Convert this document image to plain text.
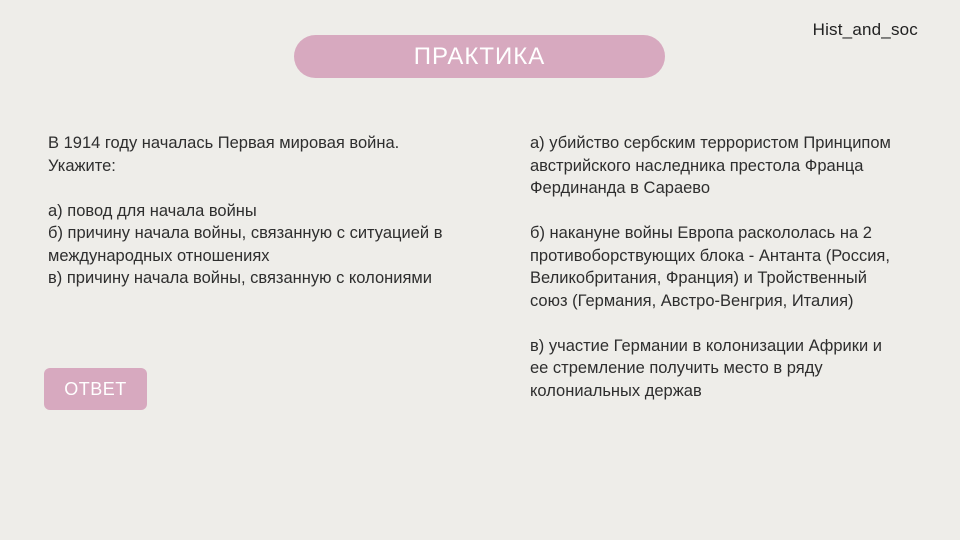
Hist_and_soc
ПРАКТИКА

В 1914 году началась Первая мировая война. Укажите:

а) повод для начала войны

б) причину начала войны, связанную с ситуацией в международных отношениях

в) причину начала войны, связанную с колониями

ОТВЕТ

а) убийство сербским террористом Принципом австрийского наследника престола Франца Фердинанда в Сараево

б) накануне войны Европа раскололась на 2 противоборствующих блока - Антанта (Россия, Великобритания, Франция) и Тройственный союз (Германия, Австро-Венгрия, Италия)

в) участие Германии в колонизации Африки и ее стремление получить место в ряду колониальных держав
